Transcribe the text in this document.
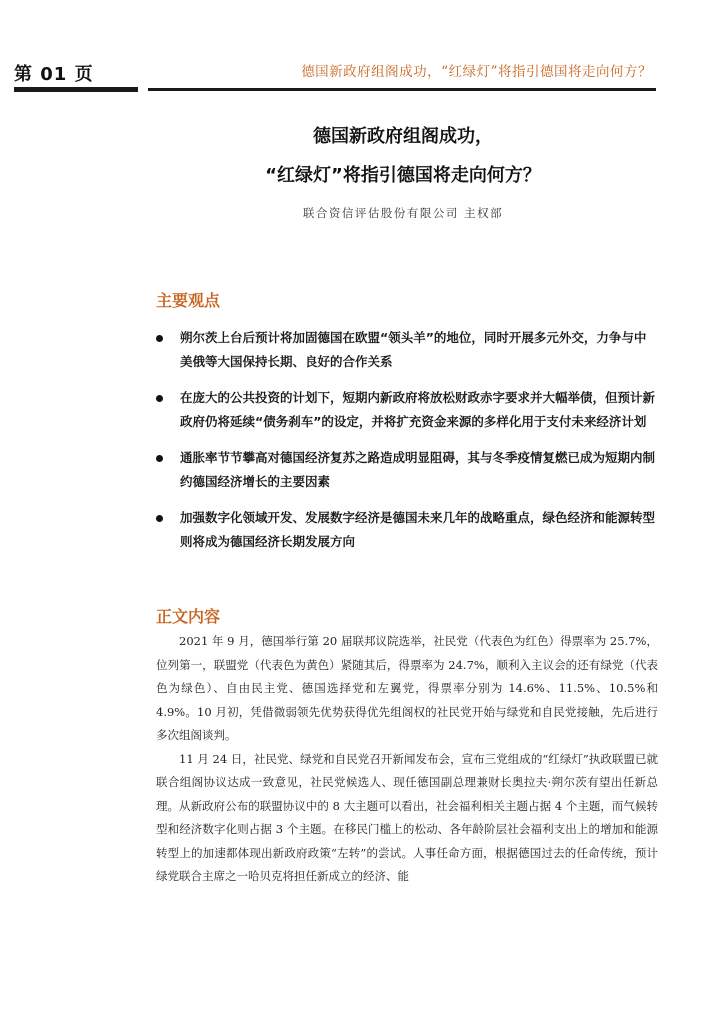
第 01 页	德国新政府组阁成功，“红绿灯”将指引德国将走向何方？
德国新政府组阁成功，
“红绿灯”将指引德国将走向何方？
联合资信评估股份有限公司 主权部
主要观点
朔尔茨上台后预计将加固德国在欧盟“领头羊”的地位，同时开展多元外交，力争与中美俄等大国保持长期、良好的合作关系
在庞大的公共投资的计划下，短期内新政府将放松财政赤字要求并大幅举债，但预计新政府仍将延续“债务刹车”的设定，并将扩充资金来源的多样化用于支付未来经济计划
通胀率节节攀高对德国经济复苏之路造成明显阻碍，其与冬季疫情复燃已成为短期内制约德国经济增长的主要因素
加强数字化领域开发、发展数字经济是德国未来几年的战略重点，绿色经济和能源转型则将成为德国经济长期发展方向
正文内容

2021 年 9 月，德国举行第 20 届联邦议院选举，社民党（代表色为红色）得票率为 25.7%，位列第一，联盟党（代表色为黄色）紧随其后，得票率为 24.7%，顺利入主议会的还有绿党（代表色为绿色）、自由民主党、德国选择党和左翼党，得票率分别为 14.6%、11.5%、10.5%和 4.9%。10 月初，凭借微弱领先优势获得优先组阁权的社民党开始与绿党和自民党接触，先后进行多次组阁谈判。

11 月 24 日，社民党、绿党和自民党召开新闻发布会，宣布三党组成的“红绿灯”执政联盟已就联合组阁协议达成一致意见，社民党候选人、现任德国副总理兼财长奥拉夫·朔尔茨有望出任新总理。从新政府公布的联盟协议中的 8 大主题可以看出，社会福利相关主题占据 4 个主题，而气候转型和经济数字化则占据 3 个主题。在移民门槛上的松动、各年龄阶层社会福利支出上的增加和能源转型上的加速都体现出新政府政策“左转”的尝试。人事任命方面，根据德国过去的任命传统，预计绿党联合主席之一哈贝克将担任新成立的经济、能
